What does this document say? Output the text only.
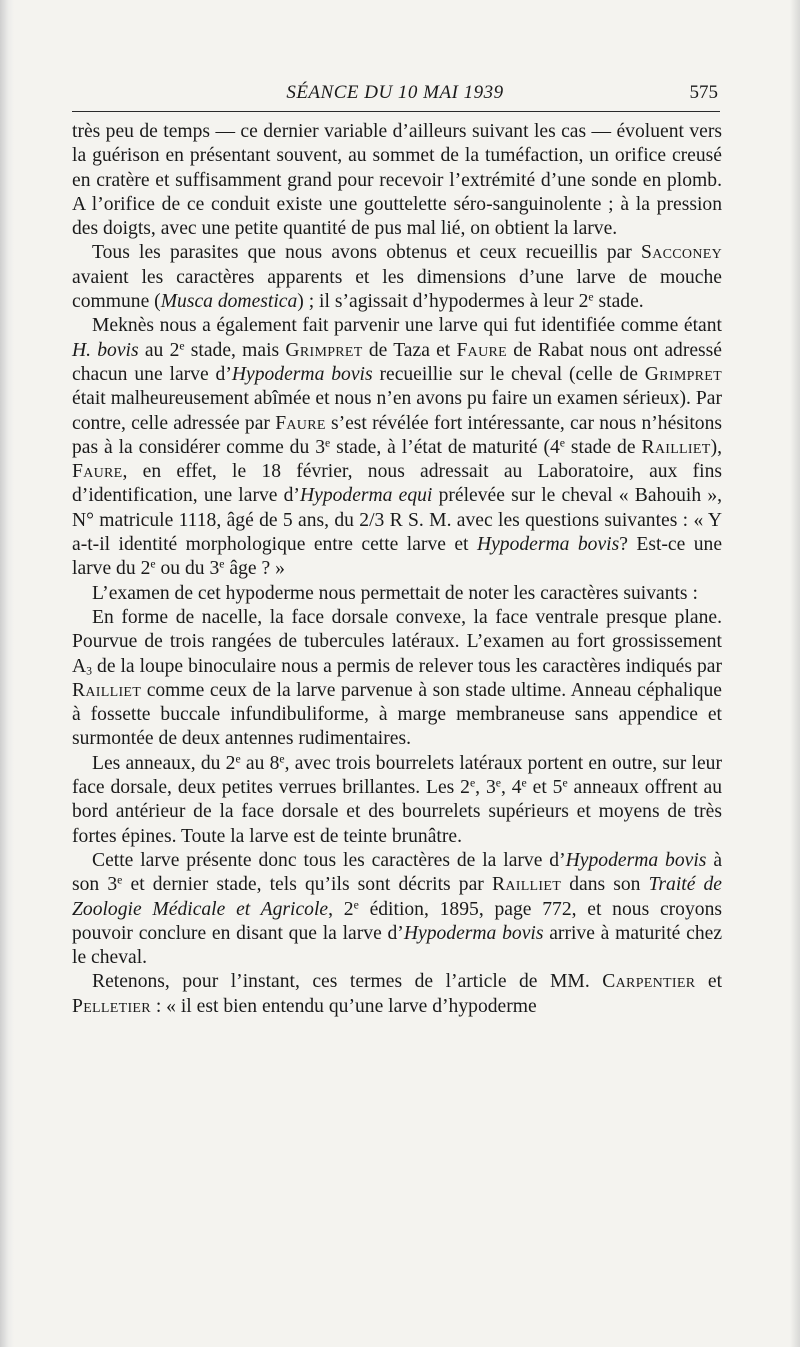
SÉANCE DU 10 MAI 1939	575

très peu de temps — ce dernier variable d’ailleurs suivant les cas — évoluent vers la guérison en présentant souvent, au sommet de la tuméfaction, un orifice creusé en cratère et suffisamment grand pour recevoir l’extrémité d’une sonde en plomb. A l’orifice de ce conduit existe une gouttelette séro-sanguinolente ; à la pression des doigts, avec une petite quantité de pus mal lié, on obtient la larve.

Tous les parasites que nous avons obtenus et ceux recueillis par Sacconey avaient les caractères apparents et les dimensions d’une larve de mouche commune (Musca domestica) ; il s’agissait d’hypodermes à leur 2e stade.

Meknès nous a également fait parvenir une larve qui fut identifiée comme étant H. bovis au 2e stade, mais Grimpret de Taza et Faure de Rabat nous ont adressé chacun une larve d’Hypoderma bovis recueillie sur le cheval (celle de Grimpret était malheureusement abîmée et nous n’en avons pu faire un examen sérieux). Par contre, celle adressée par Faure s’est révélée fort intéressante, car nous n’hésitons pas à la considérer comme du 3e stade, à l’état de maturité (4e stade de Railliet), Faure, en effet, le 18 février, nous adressait au Laboratoire, aux fins d’identification, une larve d’Hypoderma equi prélevée sur le cheval « Bahouih », N° matricule 1118, âgé de 5 ans, du 2/3 R S. M. avec les questions suivantes : « Y a-t-il identité morphologique entre cette larve et Hypoderma bovis? Est-ce une larve du 2e ou du 3e âge ? »

L’examen de cet hypoderme nous permettait de noter les caractères suivants :

En forme de nacelle, la face dorsale convexe, la face ventrale presque plane. Pourvue de trois rangées de tubercules latéraux. L’examen au fort grossissement $A_3$ de la loupe binoculaire nous a permis de relever tous les caractères indiqués par Railliet comme ceux de la larve parvenue à son stade ultime. Anneau céphalique à fossette buccale infundibuliforme, à marge membraneuse sans appendice et surmontée de deux antennes rudimentaires.

Les anneaux, du 2e au 8e, avec trois bourrelets latéraux portent en outre, sur leur face dorsale, deux petites verrues brillantes. Les 2e, 3e, 4e et 5e anneaux offrent au bord antérieur de la face dorsale et des bourrelets supérieurs et moyens de très fortes épines. Toute la larve est de teinte brunâtre.

Cette larve présente donc tous les caractères de la larve d’Hypoderma bovis à son 3e et dernier stade, tels qu’ils sont décrits par Railliet dans son Traité de Zoologie Médicale et Agricole, 2e édition, 1895, page 772, et nous croyons pouvoir conclure en disant que la larve d’Hypoderma bovis arrive à maturité chez le cheval.

Retenons, pour l’instant, ces termes de l’article de MM. Carpentier et Pelletier : « il est bien entendu qu’une larve d’hypoderme
